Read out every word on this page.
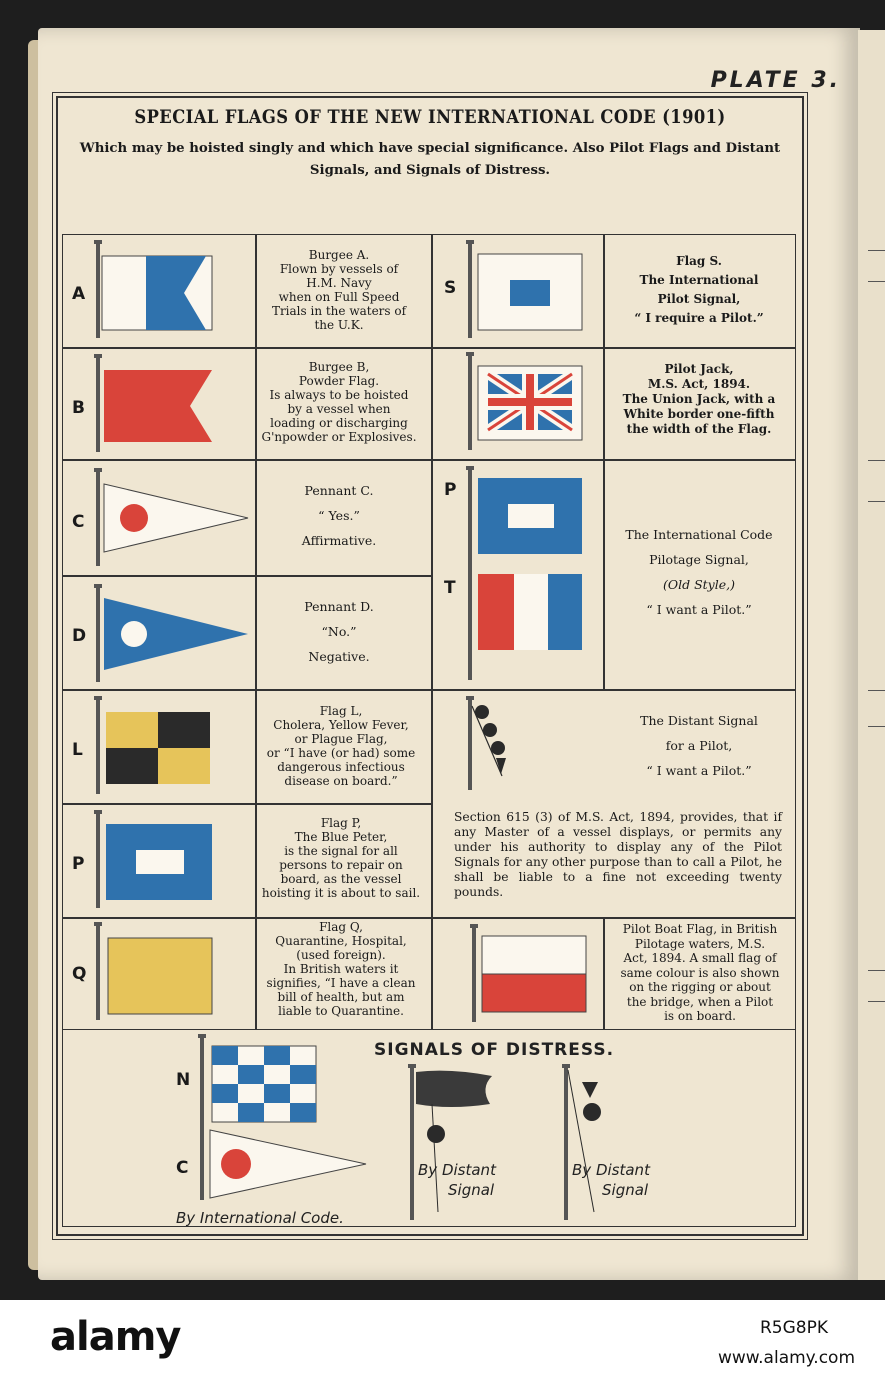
PLATE 3.
SPECIAL FLAGS OF THE NEW INTERNATIONAL CODE (1901)
Which may be hoisted singly and which have special significance. Also Pilot Flags and Distant Signals, and Signals of Distress.
A
Burgee A.
Flown by vessels of
H.M. Navy
when on Full Speed
Trials in the waters of
the U.K.
B
Burgee B,
Powder Flag.
Is always to be hoisted
by a vessel when
loading or discharging
G'npowder or Explosives.
C
Pennant C.
“ Yes.”
Affirmative.
D
Pennant D.
“No.”
Negative.
L
Flag L,
Cholera, Yellow Fever,
or Plague Flag,
or “I have (or had) some
dangerous infectious
disease on board.”
P
Flag P,
The Blue Peter,
is the signal for all
persons to repair on
board, as the vessel
hoisting it is about to sail.
Q
Flag Q,
Quarantine, Hospital,
(used foreign).
In British waters it
signifies, “I have a clean
bill of health, but am
liable to Quarantine.
S
Flag S.
The International
Pilot Signal,
“ I require a Pilot.”
Pilot Jack,
M.S. Act, 1894.
The Union Jack, with a
White border one-fifth
the width of the Flag.
P
T
The International Code
Pilotage Signal,
(Old Style,)
“ I want a Pilot.”
The Distant Signal
for a Pilot,
“ I want a Pilot.”
Section 615 (3) of M.S. Act, 1894, provides, that if any Master of a vessel displays, or permits any under his authority to display any of the Pilot Signals for any other purpose than to call a Pilot, he shall be liable to a fine not exceeding twenty pounds.
Pilot Boat Flag, in British
Pilotage waters, M.S.
Act, 1894. A small flag of
same colour is also shown
on the rigging or about
the bridge, when a Pilot
is on board.
SIGNALS OF DISTRESS.
N
C
By International Code.
By Distant
Signal
By Distant
Signal
alamy	R5G8PK
www.alamy.com
